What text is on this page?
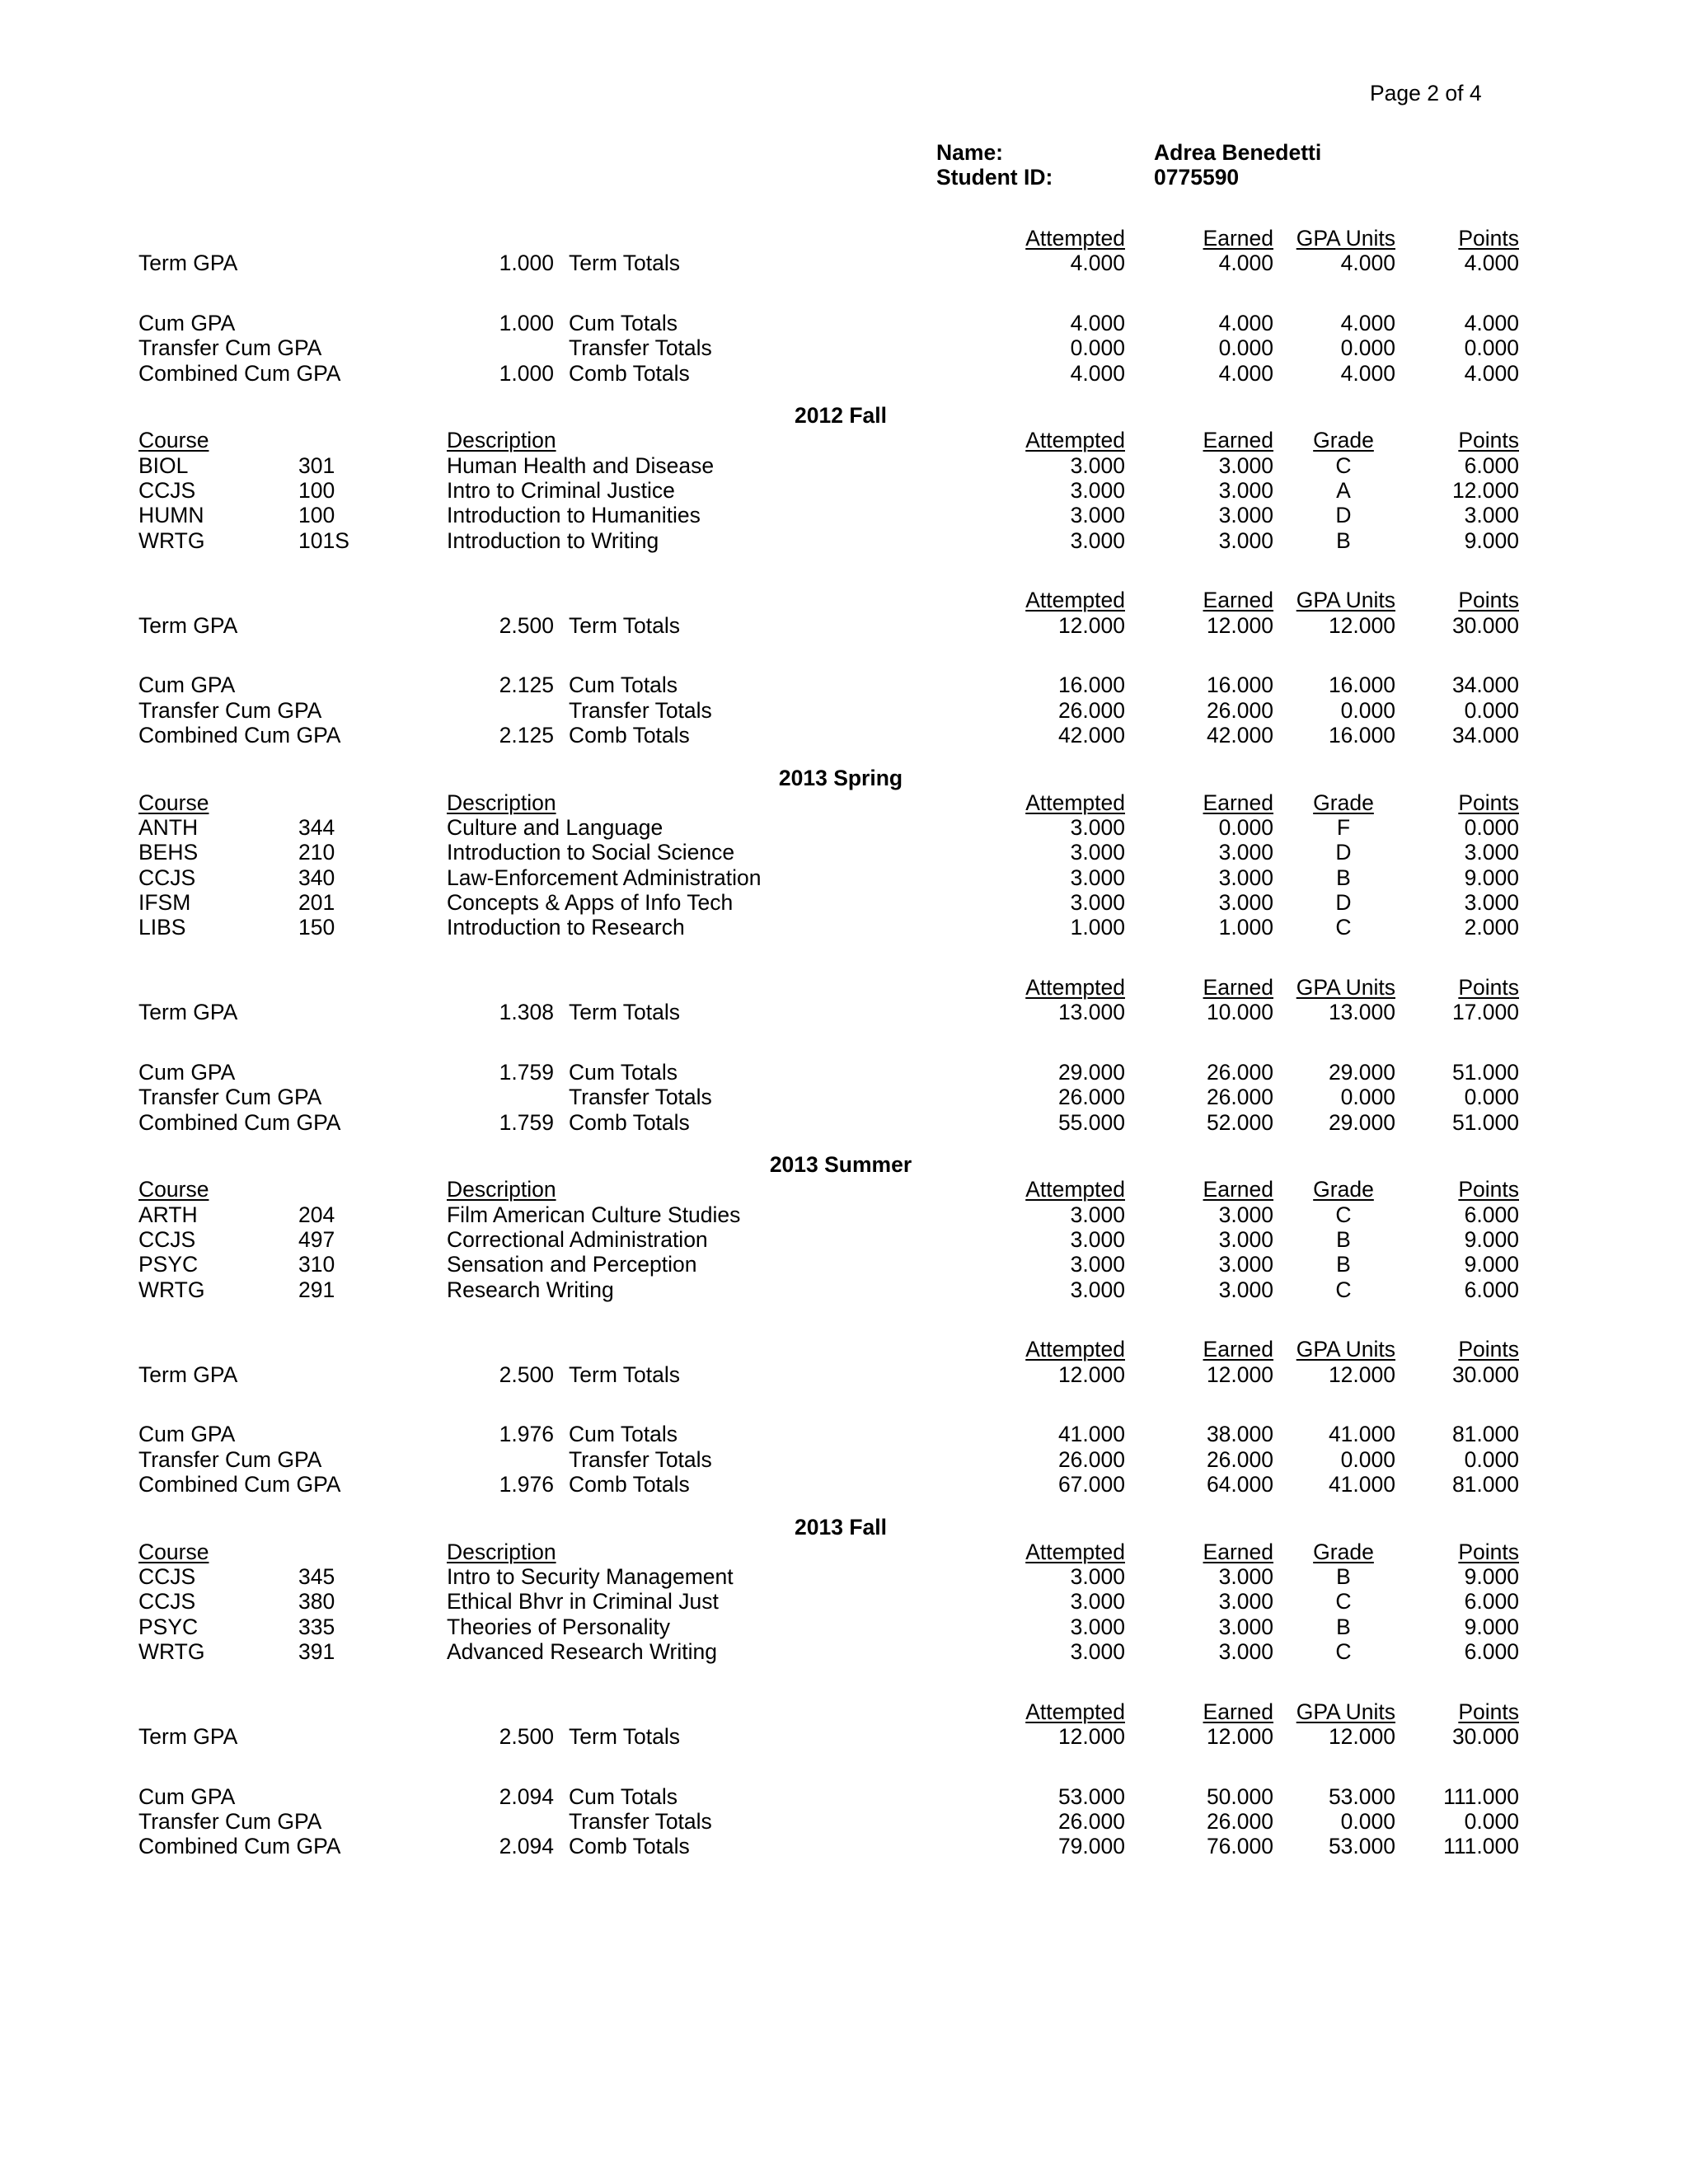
Page 2 of 4
Name:	Adrea Benedetti
Student ID:	0775590
Attempted	Earned	GPA Units	Points
Term GPA	1.000 Term Totals	4.000	4.000	4.000	4.000
Cum GPA	1.000 Cum Totals	4.000	4.000	4.000	4.000
Transfer Cum GPA	Transfer Totals	0.000	0.000	0.000	0.000
Combined Cum GPA	1.000 Comb Totals	4.000	4.000	4.000	4.000
2012 Fall
Course	Description	Attempted	Earned	Grade	Points
BIOL	301	Human Health and Disease	3.000	3.000	C	6.000
CCJS	100	Intro to Criminal Justice	3.000	3.000	A	12.000
HUMN	100	Introduction to Humanities	3.000	3.000	D	3.000
WRTG	101S	Introduction to Writing	3.000	3.000	B	9.000
Attempted	Earned	GPA Units	Points
Term GPA	2.500 Term Totals	12.000	12.000	12.000	30.000
Cum GPA	2.125 Cum Totals	16.000	16.000	16.000	34.000
Transfer Cum GPA	Transfer Totals	26.000	26.000	0.000	0.000
Combined Cum GPA	2.125 Comb Totals	42.000	42.000	16.000	34.000
2013 Spring
Course	Description	Attempted	Earned	Grade	Points
ANTH	344	Culture and Language	3.000	0.000	F	0.000
BEHS	210	Introduction to Social Science	3.000	3.000	D	3.000
CCJS	340	Law-Enforcement Administration	3.000	3.000	B	9.000
IFSM	201	Concepts & Apps of Info Tech	3.000	3.000	D	3.000
LIBS	150	Introduction to Research	1.000	1.000	C	2.000
Attempted	Earned	GPA Units	Points
Term GPA	1.308 Term Totals	13.000	10.000	13.000	17.000
Cum GPA	1.759 Cum Totals	29.000	26.000	29.000	51.000
Transfer Cum GPA	Transfer Totals	26.000	26.000	0.000	0.000
Combined Cum GPA	1.759 Comb Totals	55.000	52.000	29.000	51.000
2013 Summer
Course	Description	Attempted	Earned	Grade	Points
ARTH	204	Film American Culture Studies	3.000	3.000	C	6.000
CCJS	497	Correctional Administration	3.000	3.000	B	9.000
PSYC	310	Sensation and Perception	3.000	3.000	B	9.000
WRTG	291	Research Writing	3.000	3.000	C	6.000
Attempted	Earned	GPA Units	Points
Term GPA	2.500 Term Totals	12.000	12.000	12.000	30.000
Cum GPA	1.976 Cum Totals	41.000	38.000	41.000	81.000
Transfer Cum GPA	Transfer Totals	26.000	26.000	0.000	0.000
Combined Cum GPA	1.976 Comb Totals	67.000	64.000	41.000	81.000
2013 Fall
Course	Description	Attempted	Earned	Grade	Points
CCJS	345	Intro to Security Management	3.000	3.000	B	9.000
CCJS	380	Ethical Bhvr in Criminal Just	3.000	3.000	C	6.000
PSYC	335	Theories of Personality	3.000	3.000	B	9.000
WRTG	391	Advanced Research Writing	3.000	3.000	C	6.000
Attempted	Earned	GPA Units	Points
Term GPA	2.500 Term Totals	12.000	12.000	12.000	30.000
Cum GPA	2.094 Cum Totals	53.000	50.000	53.000	111.000
Transfer Cum GPA	Transfer Totals	26.000	26.000	0.000	0.000
Combined Cum GPA	2.094 Comb Totals	79.000	76.000	53.000	111.000
